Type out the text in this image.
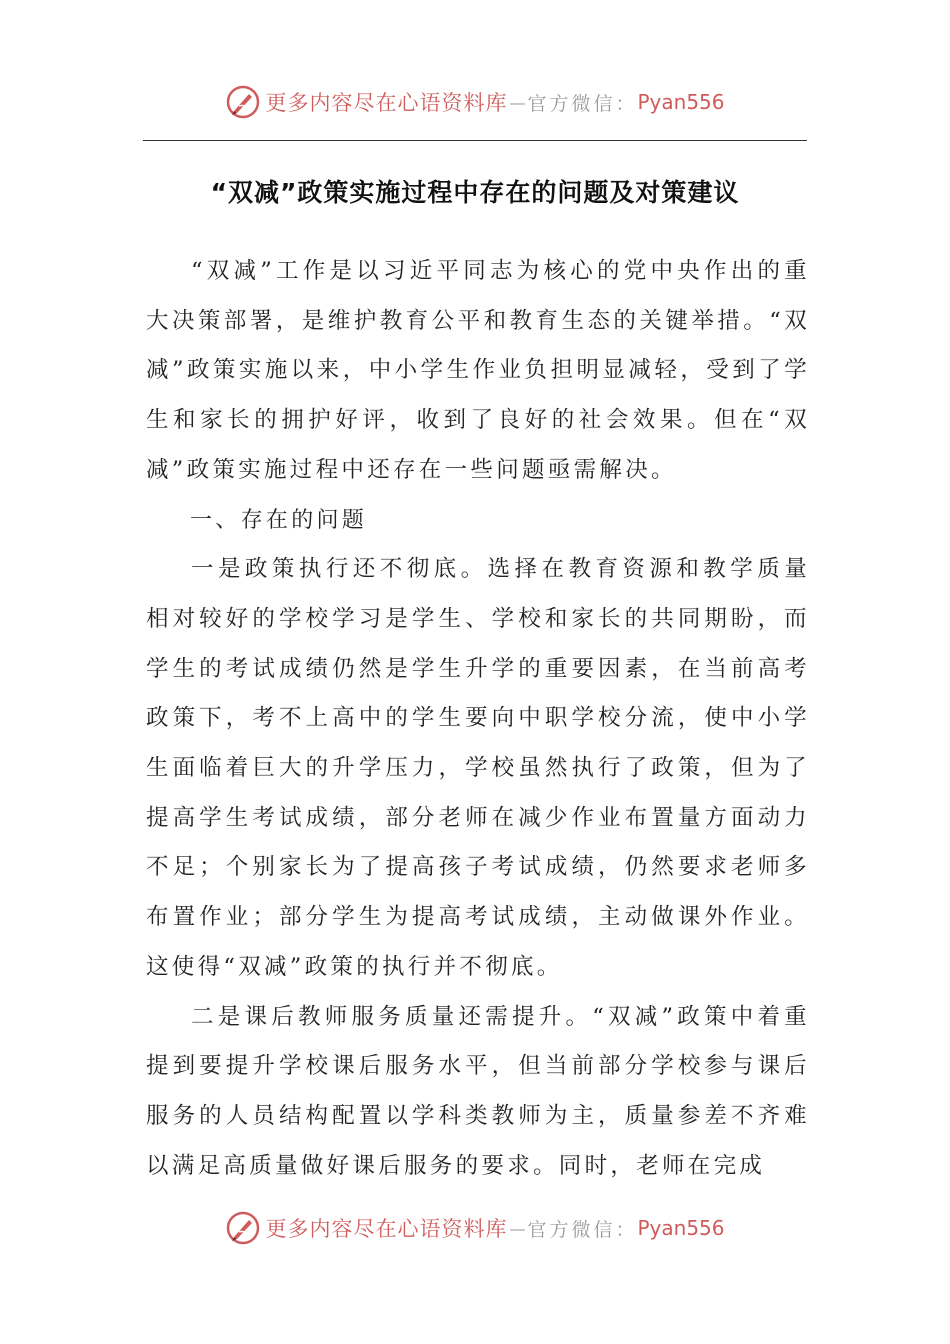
更多内容尽在心语资料库 — 官方微信： Pyan556
“双减”政策实施过程中存在的问题及对策建议

“双减”工作是以习近平同志为核心的党中央作出的重大决策部署，是维护教育公平和教育生态的关键举措。“双减”政策实施以来，中小学生作业负担明显减轻，受到了学生和家长的拥护好评，收到了良好的社会效果。但在“双减”政策实施过程中还存在一些问题亟需解决。

一、存在的问题

一是政策执行还不彻底。选择在教育资源和教学质量相对较好的学校学习是学生、学校和家长的共同期盼，而学生的考试成绩仍然是学生升学的重要因素，在当前高考政策下，考不上高中的学生要向中职学校分流，使中小学生面临着巨大的升学压力，学校虽然执行了政策，但为了提高学生考试成绩，部分老师在减少作业布置量方面动力不足；个别家长为了提高孩子考试成绩，仍然要求老师多布置作业；部分学生为提高考试成绩，主动做课外作业。这使得“双减”政策的执行并不彻底。

二是课后教师服务质量还需提升。“双减”政策中着重提到要提升学校课后服务水平，但当前部分学校参与课后服务的人员结构配置以学科类教师为主，质量参差不齐难以满足高质量做好课后服务的要求。同时，老师在完成

更多内容尽在心语资料库 — 官方微信： Pyan556
